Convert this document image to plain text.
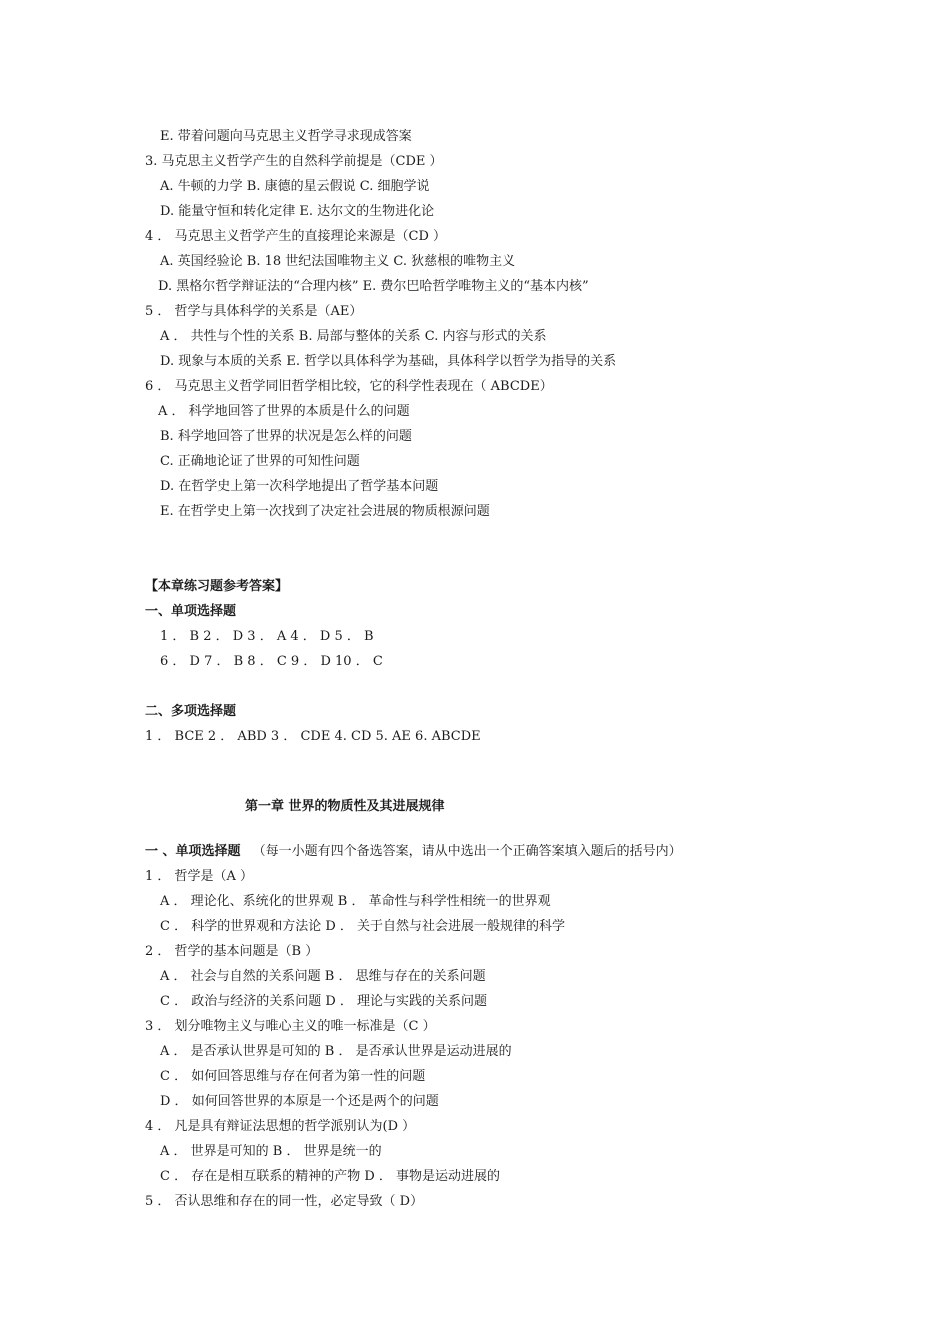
E. 带着问题向马克思主义哲学寻求现成答案
3. 马克思主义哲学产生的自然科学前提是（CDE ）
A. 牛顿的力学 B. 康德的星云假说 C. 细胞学说
D. 能量守恒和转化定律 E. 达尔文的生物进化论
4 ． 马克思主义哲学产生的直接理论来源是（CD ）
A. 英国经验论 B. 18 世纪法国唯物主义 C. 狄慈根的唯物主义
D. 黑格尔哲学辩证法的“合理内核” E. 费尔巴哈哲学唯物主义的“基本内核”
5 ． 哲学与具体科学的关系是（AE）
A ． 共性与个性的关系 B. 局部与整体的关系 C. 内容与形式的关系
D. 现象与本质的关系 E. 哲学以具体科学为基础，具体科学以哲学为指导的关系
6 ． 马克思主义哲学同旧哲学相比较，它的科学性表现在（ ABCDE）
A ． 科学地回答了世界的本质是什么的问题
B. 科学地回答了世界的状况是怎么样的问题
C. 正确地论证了世界的可知性问题
D. 在哲学史上第一次科学地提出了哲学基本问题
E. 在哲学史上第一次找到了决定社会进展的物质根源问题
【本章练习题参考答案】
一、单项选择题
1 ． B 2 ． D 3 ． A 4 ． D 5 ． B
6 ． D 7 ． B 8 ． C 9 ． D 10 ． C
二、多项选择题
1 ． BCE 2 ． ABD 3 ． CDE 4. CD 5. AE 6. ABCDE
第一章 世界的物质性及其进展规律
一 、单项选择题 （每一小题有四个备选答案，请从中选出一个正确答案填入题后的括号内）
1 ． 哲学是（A ）
A ． 理论化、系统化的世界观 B ． 革命性与科学性相统一的世界观
C ． 科学的世界观和方法论 D ． 关于自然与社会进展一般规律的科学
2 ． 哲学的基本问题是（B ）
A ． 社会与自然的关系问题 B ． 思维与存在的关系问题
C ． 政治与经济的关系问题 D ． 理论与实践的关系问题
3 ． 划分唯物主义与唯心主义的唯一标准是（C ）
A ． 是否承认世界是可知的 B ． 是否承认世界是运动进展的
C ． 如何回答思维与存在何者为第一性的问题
D ． 如何回答世界的本原是一个还是两个的问题
4 ． 凡是具有辩证法思想的哲学派别认为(D ）
A ． 世界是可知的 B ． 世界是统一的
C ． 存在是相互联系的精神的产物 D ． 事物是运动进展的
5 ． 否认思维和存在的同一性，必定导致（ D）
